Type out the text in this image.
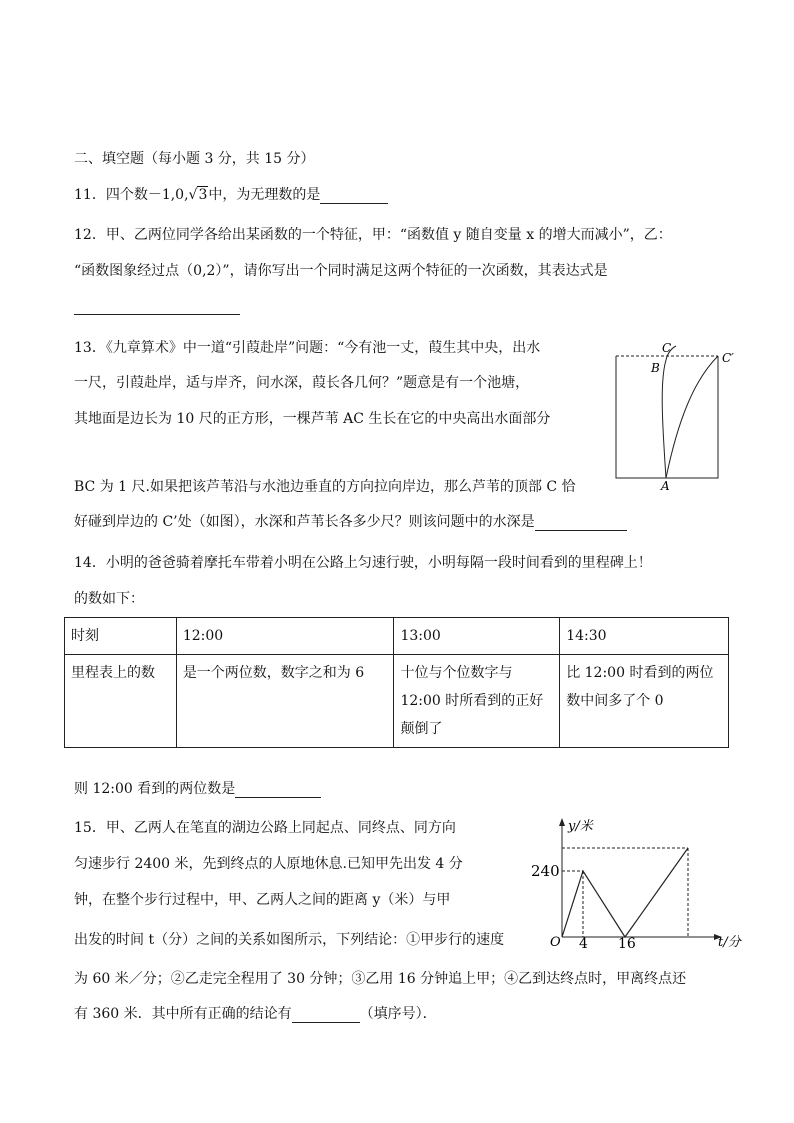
二、填空题（每小题 3 分，共 15 分）
11．四个数－1,0,√3中，为无理数的是
12．甲、乙两位同学各给出某函数的一个特征，甲：“函数值 y 随自变量 x 的增大而减小”，乙：
“函数图象经过点（0,2）”，请你写出一个同时满足这两个特征的一次函数，其表达式是
13．《九章算术》中一道“引葭赴岸”问题：“今有池一丈，葭生其中央，出水
一尺，引葭赴岸，适与岸齐，问水深，葭长各几何？”题意是有一个池塘，
其地面是边长为 10 尺的正方形，一棵芦苇 AC 生长在它的中央高出水面部分
BC 为 1 尺.如果把该芦苇沿与水池边垂直的方向拉向岸边，那么芦苇的顶部 C 恰
好碰到岸边的 C’处（如图），水深和芦苇长各多少尺？则该问题中的水深是
C
B
C′
A
14．小明的爸爸骑着摩托车带着小明在公路上匀速行驶，小明每隔一段时间看到的里程碑上！
的数如下：
时刻	12:00	13:00	14:30
里程表上的数	是一个两位数，数字之和为 6	十位与个位数字与 12:00 时所看到的正好颠倒了	比 12:00 时看到的两位数中间多了个 0
则 12:00 看到的两位数是
15．甲、乙两人在笔直的湖边公路上同起点、同终点、同方向
匀速步行 2400 米，先到终点的人原地休息.已知甲先出发 4 分
钟，在整个步行过程中，甲、乙两人之间的距离 y（米）与甲
出发的时间 t（分）之间的关系如图所示，下列结论：①甲步行的速度
为 60 米／分；②乙走完全程用了 30 分钟；③乙用 16 分钟追上甲；④乙到达终点时，甲离终点还
有 360 米．其中所有正确的结论有	（填序号）．
y/米
t/分
O
240
4 16
